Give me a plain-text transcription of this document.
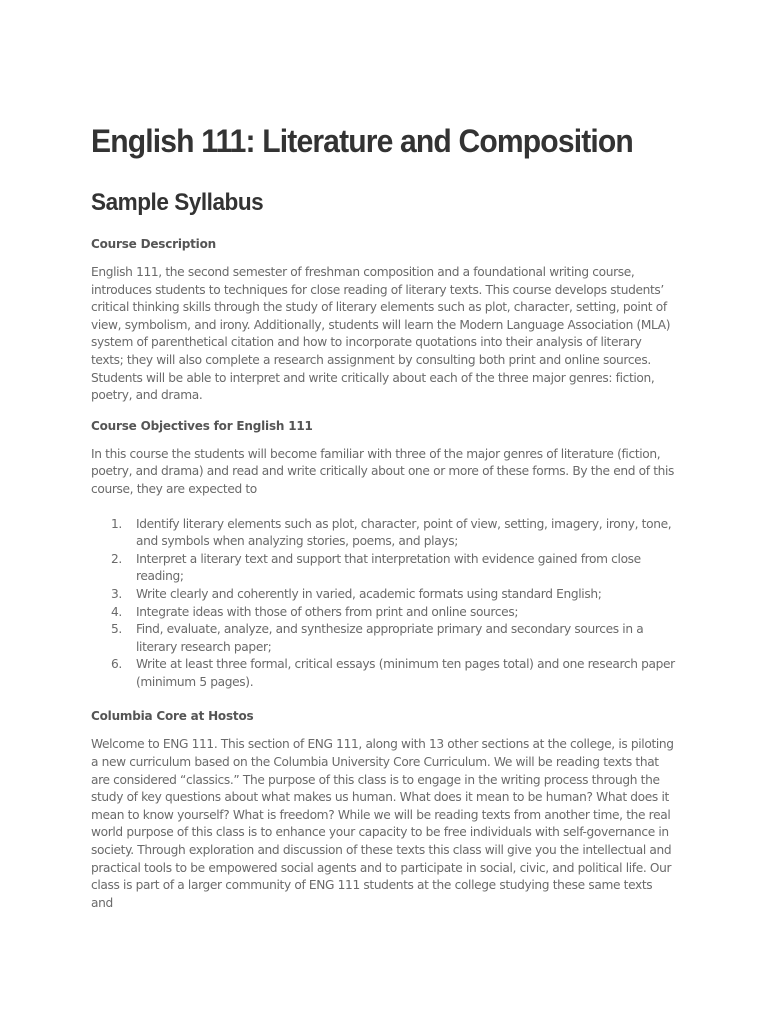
English 111: Literature and Composition
Sample Syllabus
Course Description

English 111, the second semester of freshman composition and a foundational writing course, introduces students to techniques for close reading of literary texts. This course develops students’ critical thinking skills through the study of literary elements such as plot, character, setting, point of view, symbolism, and irony. Additionally, students will learn the Modern Language Association (MLA) system of parenthetical citation and how to incorporate quotations into their analysis of literary texts; they will also complete a research assignment by consulting both print and online sources. Students will be able to interpret and write critically about each of the three major genres: fiction, poetry, and drama.

Course Objectives for English 111

In this course the students will become familiar with three of the major genres of literature (fiction, poetry, and drama) and read and write critically about one or more of these forms. By the end of this course, they are expected to

1. Identify literary elements such as plot, character, point of view, setting, imagery, irony, tone, and symbols when analyzing stories, poems, and plays;
2. Interpret a literary text and support that interpretation with evidence gained from close reading;
3. Write clearly and coherently in varied, academic formats using standard English;
4. Integrate ideas with those of others from print and online sources;
5. Find, evaluate, analyze, and synthesize appropriate primary and secondary sources in a literary research paper;
6. Write at least three formal, critical essays (minimum ten pages total) and one research paper (minimum 5 pages).
Columbia Core at Hostos

Welcome to ENG 111. This section of ENG 111, along with 13 other sections at the college, is piloting a new curriculum based on the Columbia University Core Curriculum. We will be reading texts that are considered “classics.” The purpose of this class is to engage in the writing process through the study of key questions about what makes us human. What does it mean to be human? What does it mean to know yourself? What is freedom? While we will be reading texts from another time, the real world purpose of this class is to enhance your capacity to be free individuals with self-governance in society. Through exploration and discussion of these texts this class will give you the intellectual and practical tools to be empowered social agents and to participate in social, civic, and political life. Our class is part of a larger community of ENG 111 students at the college studying these same texts and
